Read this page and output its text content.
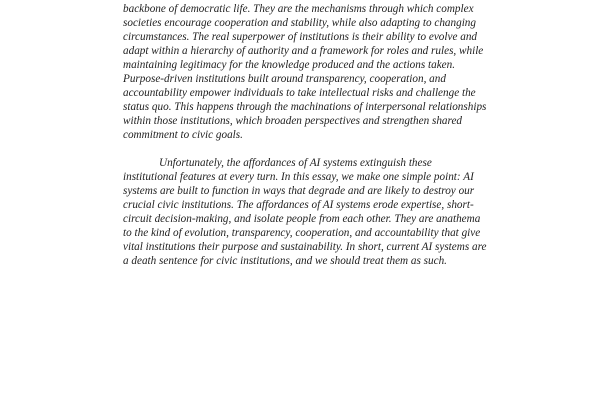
backbone of democratic life. They are the mechanisms through which complex
societies encourage cooperation and stability, while also adapting to changing
circumstances. The real superpower of institutions is their ability to evolve and
adapt within a hierarchy of authority and a framework for roles and rules, while
maintaining legitimacy for the knowledge produced and the actions taken.
Purpose-driven institutions built around transparency, cooperation, and
accountability empower individuals to take intellectual risks and challenge the
status quo. This happens through the machinations of interpersonal relationships
within those institutions, which broaden perspectives and strengthen shared
commitment to civic goals.
Unfortunately, the affordances of AI systems extinguish these
institutional features at every turn. In this essay, we make one simple point: AI
systems are built to function in ways that degrade and are likely to destroy our
crucial civic institutions. The affordances of AI systems erode expertise, short-
circuit decision-making, and isolate people from each other. They are anathema
to the kind of evolution, transparency, cooperation, and accountability that give
vital institutions their purpose and sustainability. In short, current AI systems are
a death sentence for civic institutions, and we should treat them as such.
